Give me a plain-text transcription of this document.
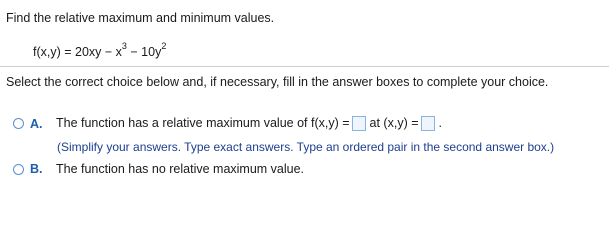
Find the relative maximum and minimum values.
$f(x,y) = 20xy - x^3 - 10y^2$
Select the correct choice below and, if necessary, fill in the answer boxes to complete your choice.
A.	The function has a relative maximum value of f(x,y) = at (x,y) = .
(Simplify your answers. Type exact answers. Type an ordered pair in the second answer box.)
B.	The function has no relative maximum value.
